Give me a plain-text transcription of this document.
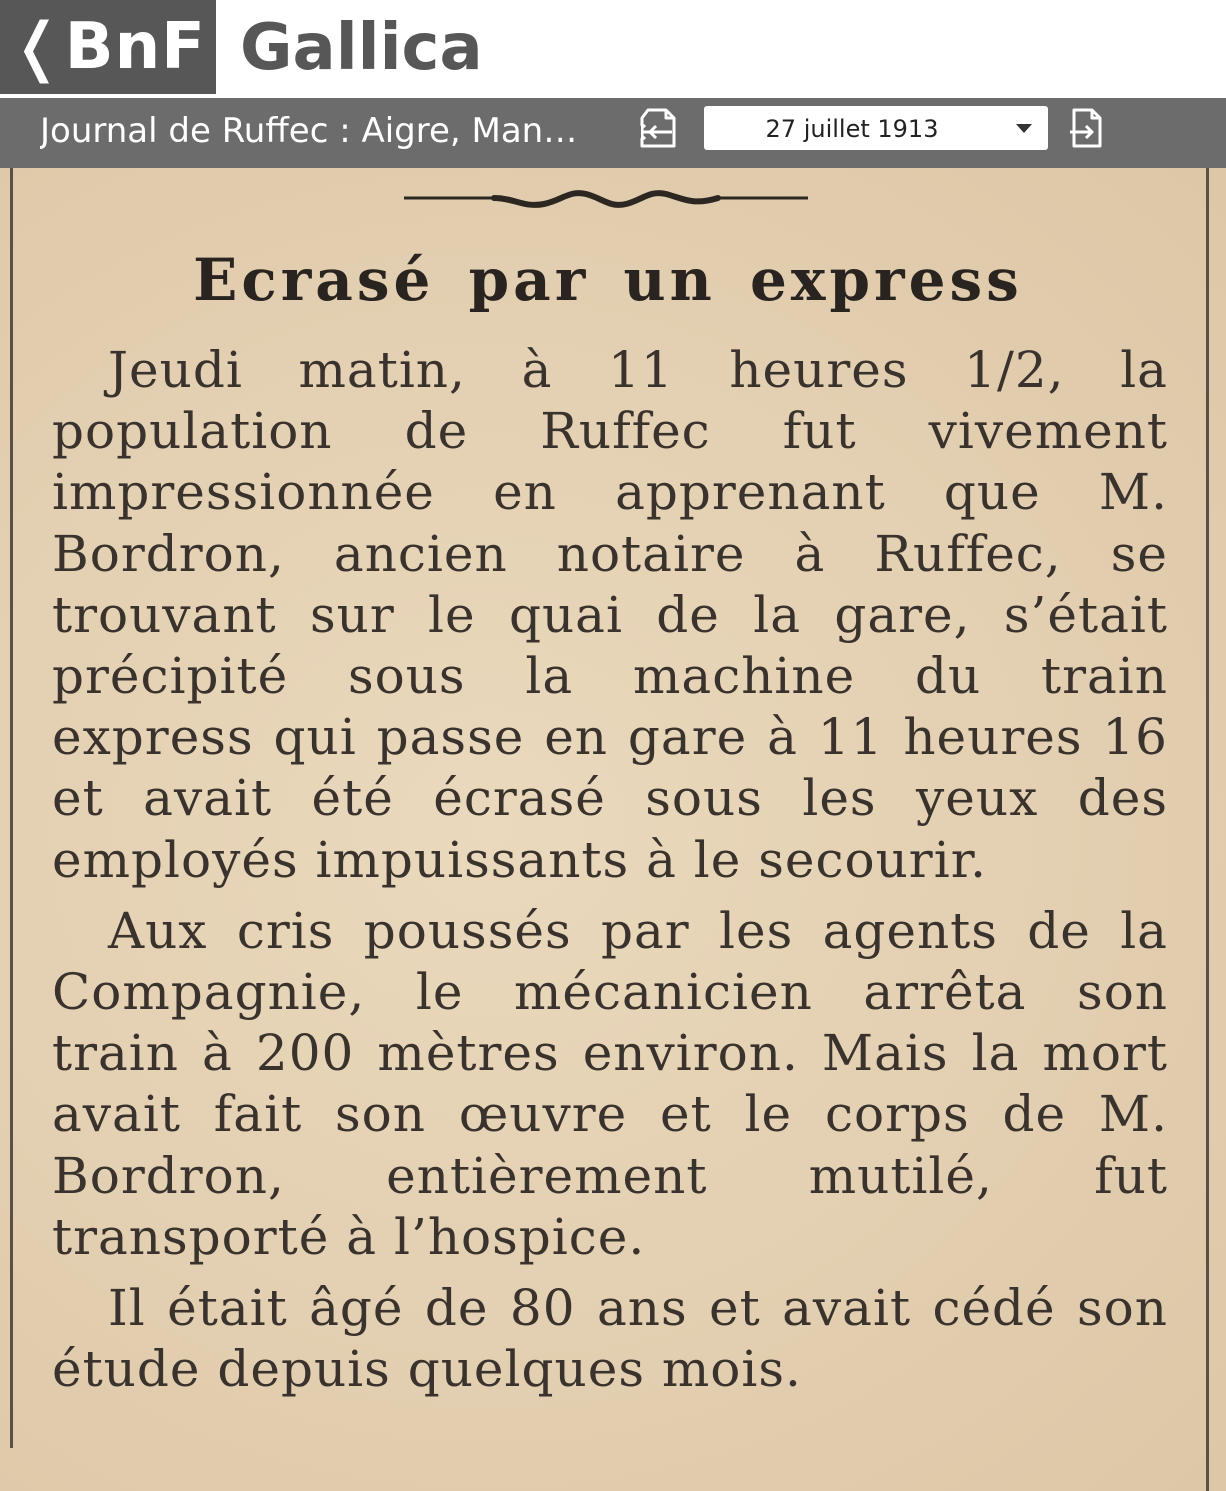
❬BnF Gallica
Journal de Ruffec : Aigre, Man…	27 juillet 1913
Ecrasé par un express

Jeudi matin, à 11 heures 1/2, la population de Ruffec fut vivement impressionnée en apprenant que M. Bordron, ancien notaire à Ruffec, se trouvant sur le quai de la gare, s’était précipité sous la machine du train express qui passe en gare à 11 heures 16 et avait été écrasé sous les yeux des employés impuissants à le secourir.

Aux cris poussés par les agents de la Compagnie, le mécanicien arrêta son train à 200 mètres environ. Mais la mort avait fait son œuvre et le corps de M. Bordron, entièrement mutilé, fut transporté à l’hospice.

Il était âgé de 80 ans et avait cédé son étude depuis quelques mois.
